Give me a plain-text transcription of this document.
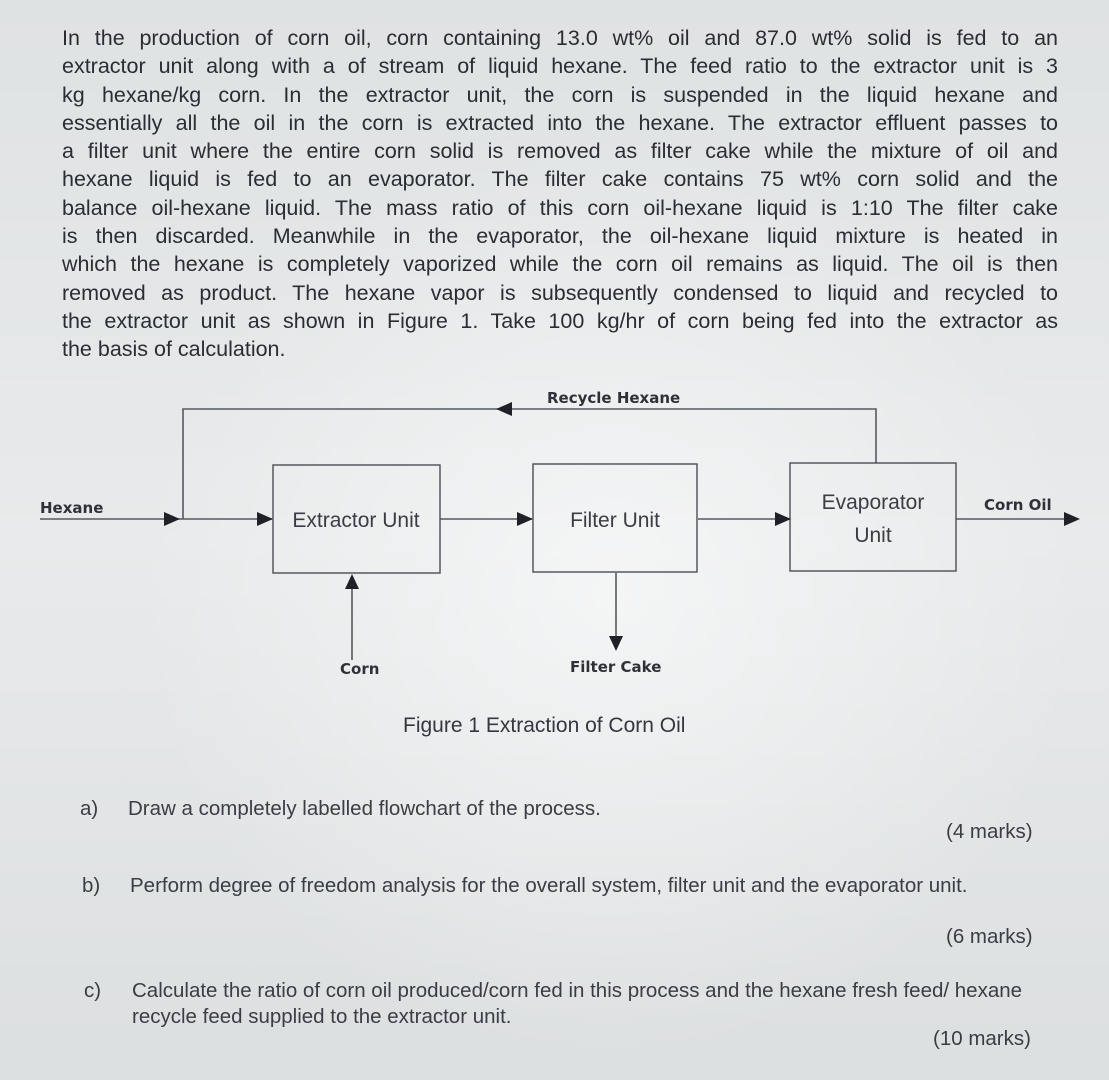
In the production of corn oil, corn containing 13.0 wt% oil and 87.0 wt% solid is fed to an
extractor unit along with a of stream of liquid hexane. The feed ratio to the extractor unit is 3
kg hexane/kg corn. In the extractor unit, the corn is suspended in the liquid hexane and
essentially all the oil in the corn is extracted into the hexane. The extractor effluent passes to
a filter unit where the entire corn solid is removed as filter cake while the mixture of oil and
hexane liquid is fed to an evaporator. The filter cake contains 75 wt% corn solid and the
balance oil-hexane liquid. The mass ratio of this corn oil-hexane liquid is 1:10 The filter cake
is then discarded. Meanwhile in the evaporator, the oil-hexane liquid mixture is heated in
which the hexane is completely vaporized while the corn oil remains as liquid. The oil is then
removed as product. The hexane vapor is subsequently condensed to liquid and recycled to
the extractor unit as shown in Figure 1. Take 100 kg/hr of corn being fed into the extractor as
the basis of calculation.
Extractor Unit	Filter Unit
Evaporator
Unit
Hexane
Recycle Hexane
Corn	Filter Cake
Corn Oil
Figure 1 Extraction of Corn Oil
a) Draw a completely labelled flowchart of the process.
(4 marks)
b) Perform degree of freedom analysis for the overall system, filter unit and the evaporator unit.
(6 marks)
c) Calculate the ratio of corn oil produced/corn fed in this process and the hexane fresh feed/ hexane recycle feed supplied to the extractor unit.
(10 marks)
